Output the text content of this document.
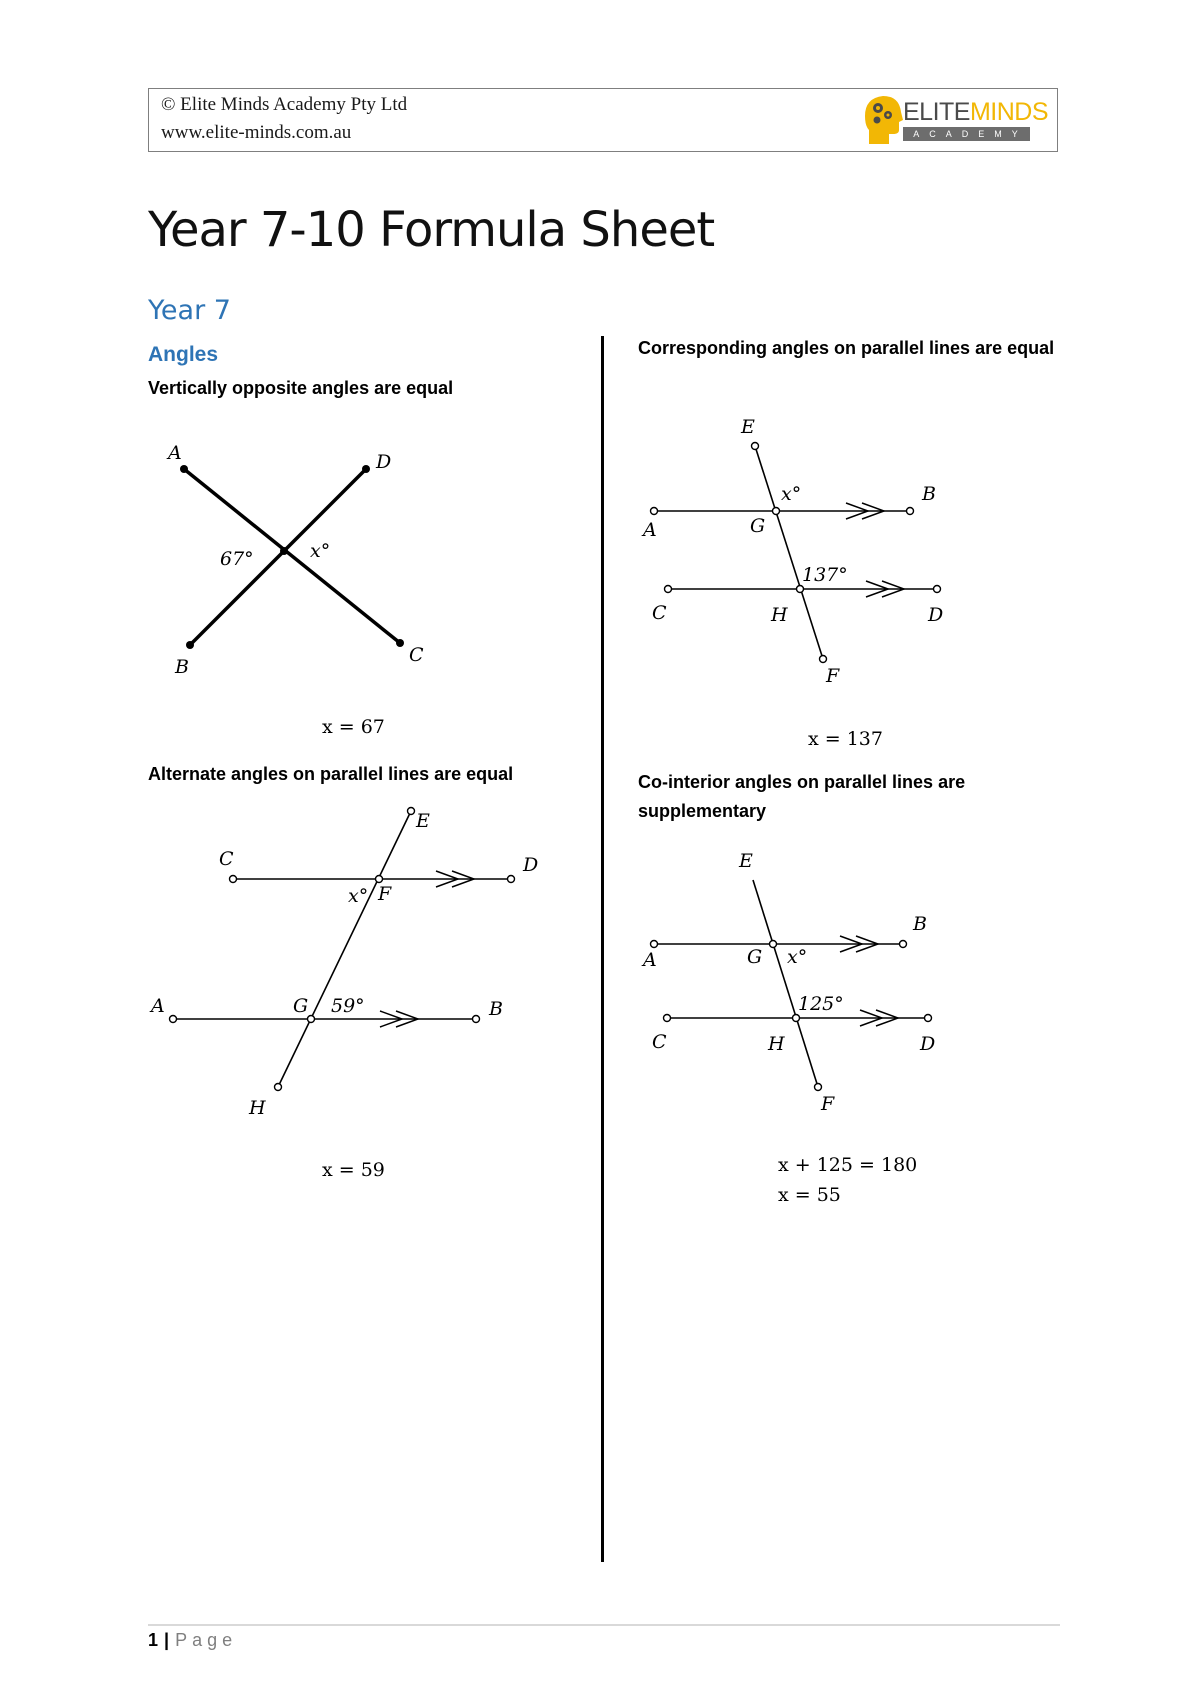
© Elite Minds Academy Pty Ltd
www.elite-minds.com.au
ELITEMINDS
ACADEMY
Year 7-10 Formula Sheet
Year 7
Angles
Vertically opposite angles are equal
A	D
B
C
67°	x°
x = 67
Alternate angles on parallel lines are equal
C	D
E
F
x°
A	B
G 59°
H
x = 59
Corresponding angles on parallel lines are equal
E
x°	B
A	G
137°
C	H	D
F
x = 137
Co-interior angles on parallel lines are supplementary
E
B
A	G x°
125°
C	H	D
F
x + 125 = 180
x = 55
1 | Page
